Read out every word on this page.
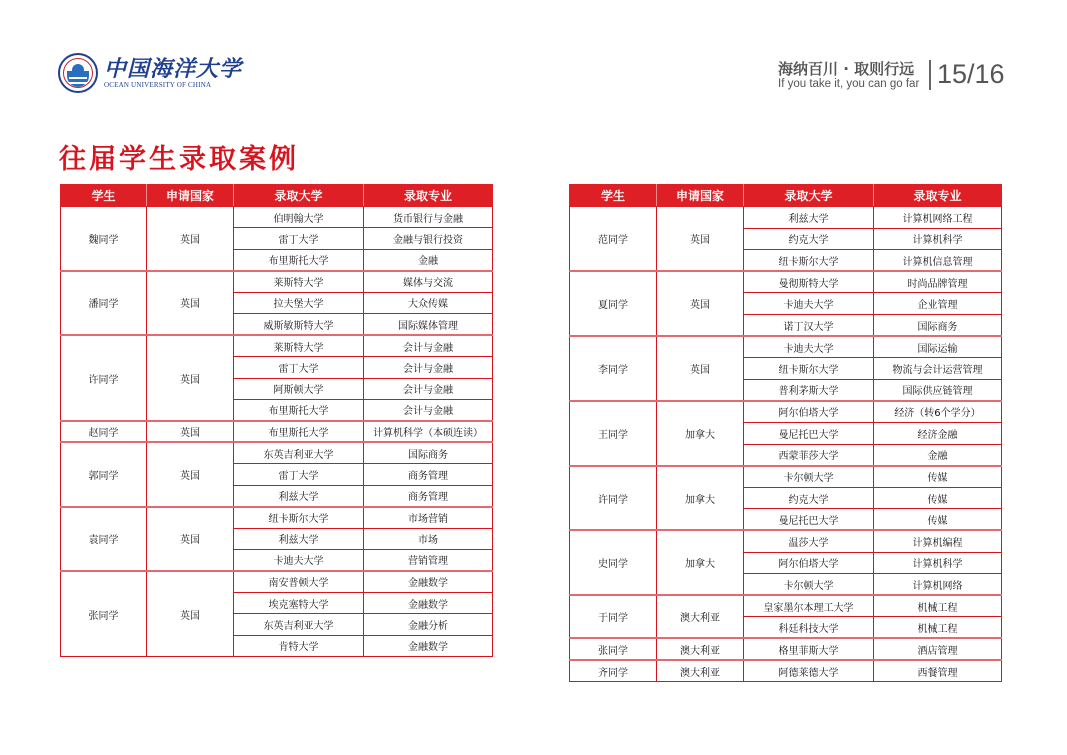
中国海洋大学
OCEAN UNIVERSITY OF CHINA
海纳百川 · 取则行远
If you take it, you can go far 15/16
往届学生录取案例
学生	申请国家	录取大学	录取专业
魏同学	英国	伯明翰大学	货币银行与金融
		雷丁大学	金融与银行投资
		布里斯托大学	金融
潘同学	英国	莱斯特大学	媒体与交流
		拉夫堡大学	大众传媒
		威斯敏斯特大学	国际媒体管理
许同学	英国	莱斯特大学	会计与金融
		雷丁大学	会计与金融
		阿斯顿大学	会计与金融
		布里斯托大学	会计与金融
赵同学	英国	布里斯托大学	计算机科学（本硕连读）
郭同学	英国	东英吉利亚大学	国际商务
		雷丁大学	商务管理
		利兹大学	商务管理
袁同学	英国	纽卡斯尔大学	市场营销
		利兹大学	市场
		卡迪夫大学	营销管理
张同学	英国	南安普顿大学	金融数学
		埃克塞特大学	金融数学
		东英吉利亚大学	金融分析
		肯特大学	金融数学
学生	申请国家	录取大学	录取专业
范同学	英国	利兹大学	计算机网络工程
		约克大学	计算机科学
		纽卡斯尔大学	计算机信息管理
夏同学	英国	曼彻斯特大学	时尚品牌管理
		卡迪夫大学	企业管理
		诺丁汉大学	国际商务
李同学	英国	卡迪夫大学	国际运输
		纽卡斯尔大学	物流与会计运营管理
		普利茅斯大学	国际供应链管理
王同学	加拿大	阿尔伯塔大学	经济（转6个学分）
		曼尼托巴大学	经济金融
		西蒙菲莎大学	金融
许同学	加拿大	卡尔顿大学	传媒
		约克大学	传媒
		曼尼托巴大学	传媒
史同学	加拿大	温莎大学	计算机编程
		阿尔伯塔大学	计算机科学
		卡尔顿大学	计算机网络
于同学	澳大利亚	皇家墨尔本理工大学	机械工程
		科廷科技大学	机械工程
张同学	澳大利亚	格里菲斯大学	酒店管理
齐同学	澳大利亚	阿德莱德大学	西餐管理
